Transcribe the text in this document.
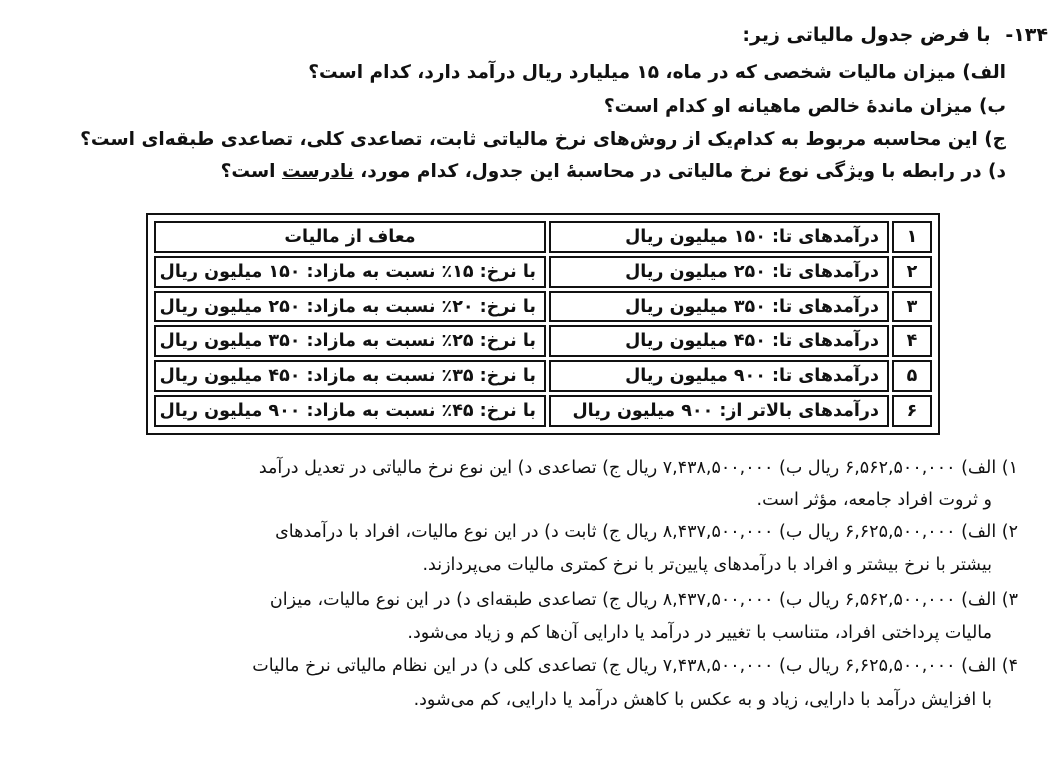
۱۳۴- با فرض جدول مالیاتی زیر:
الف) میزان مالیات شخصی که در ماه، ۱۵ میلیارد ریال درآمد دارد، کدام است؟
ب) میزان ماندهٔ خالص ماهیانه او کدام است؟
ج) این محاسبه مربوط به کدام‌یک از روش‌های نرخ مالیاتی ثابت، تصاعدی کلی، تصاعدی طبقه‌ای است؟
د) در رابطه با ویژگی نوع نرخ مالیاتی در محاسبهٔ این جدول، کدام مورد، نادرست است؟
۱	درآمدهای تا: ۱۵۰ میلیون ریال	معاف از مالیات
۲	درآمدهای تا: ۲۵۰ میلیون ریال	با نرخ: ۱۵٪ نسبت به مازاد: ۱۵۰ میلیون ریال
۳	درآمدهای تا: ۳۵۰ میلیون ریال	با نرخ: ۲۰٪ نسبت به مازاد: ۲۵۰ میلیون ریال
۴	درآمدهای تا: ۴۵۰ میلیون ریال	با نرخ: ۲۵٪ نسبت به مازاد: ۳۵۰ میلیون ریال
۵	درآمدهای تا: ۹۰۰ میلیون ریال	با نرخ: ۳۵٪ نسبت به مازاد: ۴۵۰ میلیون ریال
۶	درآمدهای بالاتر از: ۹۰۰ میلیون ریال	با نرخ: ۴۵٪ نسبت به مازاد: ۹۰۰ میلیون ریال
۱) الف) ۶,۵۶۲,۵۰۰,۰۰۰ ریال ب) ۷,۴۳۸,۵۰۰,۰۰۰ ریال ج) تصاعدی د) این نوع نرخ مالیاتی در تعدیل درآمد
و ثروت افراد جامعه، مؤثر است.
۲) الف) ۶,۶۲۵,۵۰۰,۰۰۰ ریال ب) ۸,۴۳۷,۵۰۰,۰۰۰ ریال ج) ثابت د) در این نوع مالیات، افراد با درآمدهای
بیشتر با نرخ بیشتر و افراد با درآمدهای پایین‌تر با نرخ کمتری مالیات می‌پردازند.
۳) الف) ۶,۵۶۲,۵۰۰,۰۰۰ ریال ب) ۸,۴۳۷,۵۰۰,۰۰۰ ریال ج) تصاعدی طبقه‌ای د) در این نوع مالیات، میزان
مالیات پرداختی افراد، متناسب با تغییر در درآمد یا دارایی آن‌ها کم و زیاد می‌شود.
۴) الف) ۶,۶۲۵,۵۰۰,۰۰۰ ریال ب) ۷,۴۳۸,۵۰۰,۰۰۰ ریال ج) تصاعدی کلی د) در این نظام مالیاتی نرخ مالیات
با افزایش درآمد با دارایی، زیاد و به عکس با کاهش درآمد یا دارایی، کم می‌شود.
